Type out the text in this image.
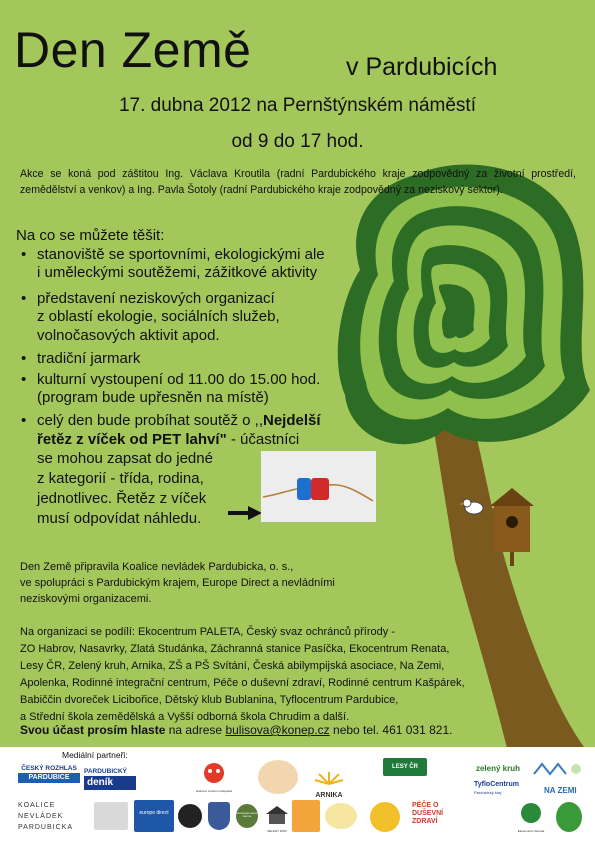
Den Země	v Pardubicích
17. dubna 2012 na Pernštýnském náměstí
od 9 do 17 hod.
Akce se koná pod záštitou Ing. Václava Kroutila (radní Pardubického kraje zodpovědný za životní prostředí, zemědělství a venkov) a Ing. Pavla Šotoly (radní Pardubického kraje zodpovědný za neziskový sektor).
Na co se můžete těšit:
• stanoviště se sportovními, ekologickými ale
i uměleckými soutěžemi, zážitkové aktivity
• představení neziskových organizací
z oblastí ekologie, sociálních služeb,
volnočasových aktivit apod.
• tradiční jarmark
• kulturní vystoupení od 11.00 do 15.00 hod.
(program bude upřesněn na místě)
• celý den bude probíhat soutěž o ,,Nejdelší
řetěz z víček od PET lahví" - účastníci
se mohou zapsat do jedné
z kategorií - třída, rodina,
jednotlivec. Řetěz z víček
musí odpovídat náhledu.
Den Země připravila Koalice nevládek Pardubicka, o. s.,
ve spolupráci s Pardubickým krajem, Europe Direct a nevládními
neziskovými organizacemi.
Na organizaci se podílí: Ekocentrum PALETA, Český svaz ochránců přírody -
ZO Habrov, Nasavrky, Zlatá Studánka, Záchranná stanice Pasíčka, Ekocentrum Renata,
Lesy ČR, Zelený kruh, Arnika, ZŠ a PŠ Svítání, Česká abilympijská asociace, Na Zemi,
Apolenka, Rodinné integrační centrum, Péče o duševní zdraví, Rodinné centrum Kašpárek,
Babiččin dvoreček Licibořice, Dětský klub Bublanina, Tyflocentrum Pardubice,
a Střední škola zemědělská a Vyšší odborná škola Chrudim a další.
Svou účast prosím hlaste na adrese bulisova@konep.cz nebo tel. 461 031 821.
Mediální partneři:
ČESKÝ ROZHLAS
PARDUBICE
PARDUBICKÝ
deník
Rodinné centrum Kašpárek
ARNIKA
LESY ČR	zelený kruh
KOALICE
NEVLÁDEK
PARDUBICKA
europe direct	ZÁCHRANNÁ STANICE PASÍČKA
ZELENÝ DŮM
PÉČE O DUŠEVNÍ ZDRAVÍ
TyfloCentrum
Pardubický kraj	NA ZEMI
Ekocentrum Renata
